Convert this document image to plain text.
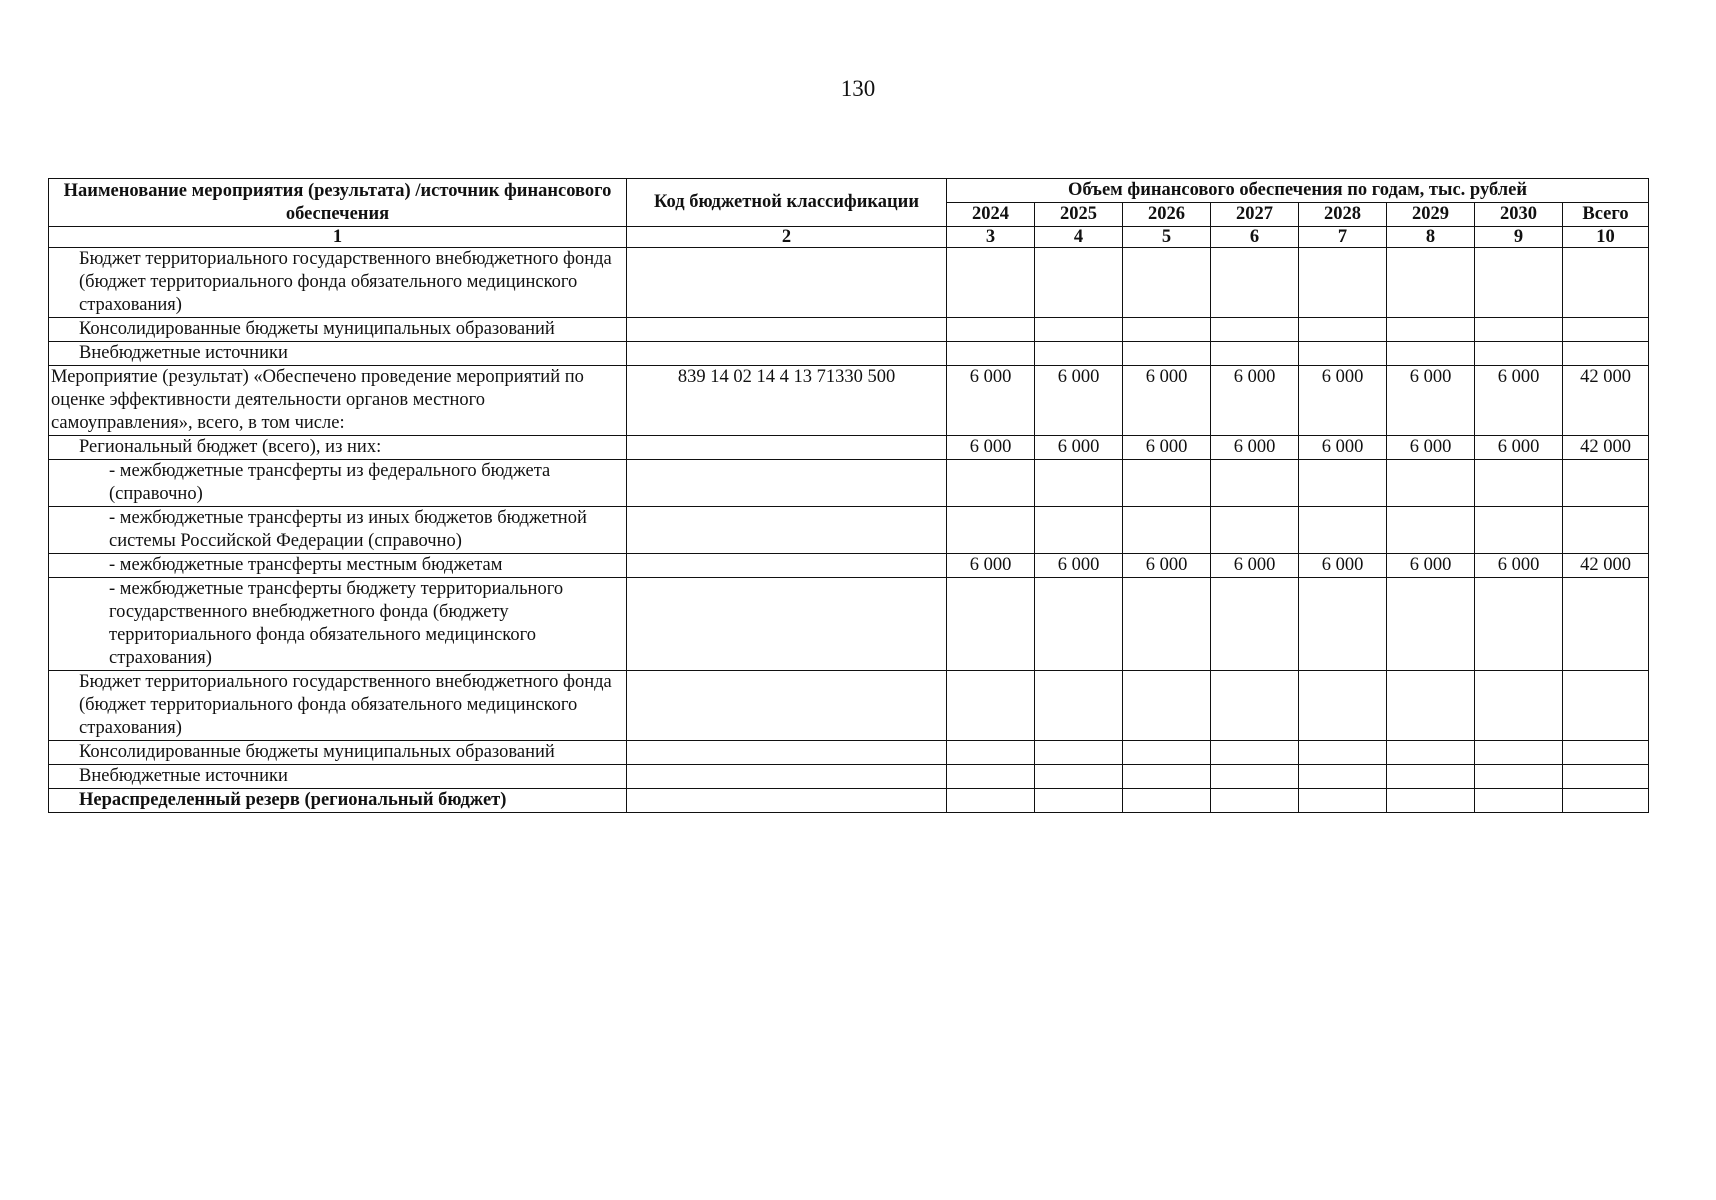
130
Наименование мероприятия (результата) /источник финансового обеспечения	Код бюджетной классификации	Объем финансового обеспечения по годам, тыс. рублей							
		2024	2025	2026	2027	2028	2029	2030	Всего
1	2	3	4	5	6	7	8	9	10
Бюджет территориального государственного внебюджетного фонда (бюджет территориального фонда обязательного медицинского страхования)									
Консолидированные бюджеты муниципальных образований									
Внебюджетные источники									
Мероприятие (результат) «Обеспечено проведение мероприятий по оценке эффективности деятельности органов местного самоуправления», всего, в том числе:	839 14 02 14 4 13 71330 500	6 000	6 000	6 000	6 000	6 000	6 000	6 000	42 000
Региональный бюджет (всего), из них:		6 000	6 000	6 000	6 000	6 000	6 000	6 000	42 000
- межбюджетные трансферты из федерального бюджета (справочно)									
- межбюджетные трансферты из иных бюджетов бюджетной системы Российской Федерации (справочно)									
- межбюджетные трансферты местным бюджетам		6 000	6 000	6 000	6 000	6 000	6 000	6 000	42 000
- межбюджетные трансферты бюджету территориального государственного внебюджетного фонда (бюджету территориального фонда обязательного медицинского страхования)									
Бюджет территориального государственного внебюджетного фонда (бюджет территориального фонда обязательного медицинского страхования)									
Консолидированные бюджеты муниципальных образований									
Внебюджетные источники									
Нераспределенный резерв (региональный бюджет)									
